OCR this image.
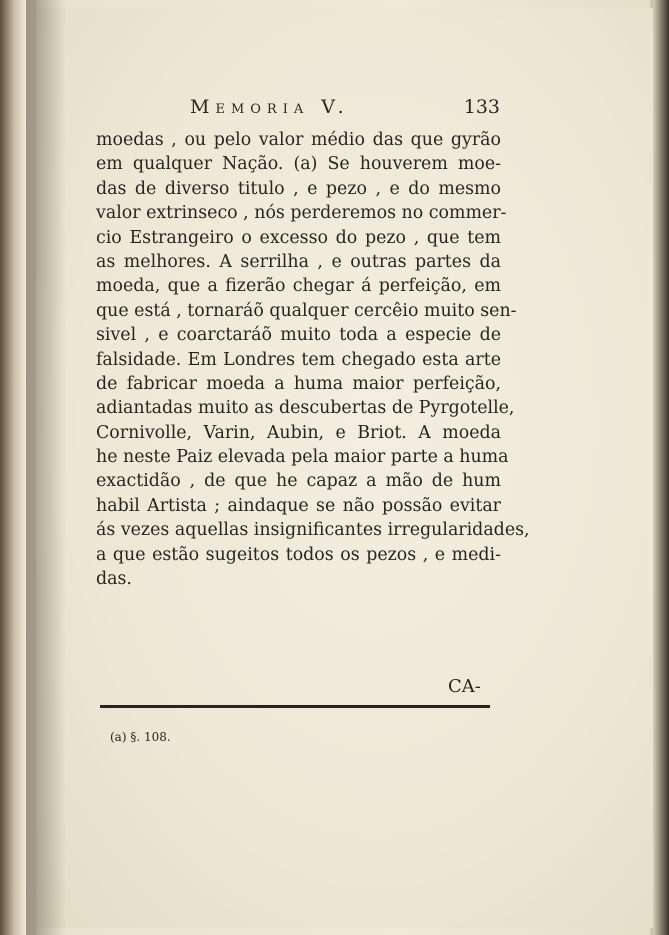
Memoria V.	133
moedas , ou pelo valor médio das que gyrão
em qualquer Nação. (a) Se houverem moe-
das de diverso titulo , e pezo , e do mesmo
valor extrinseco , nós perderemos no commer-
cio Estrangeiro o excesso do pezo , que tem
as melhores. A serrilha , e outras partes da
moeda, que a fizerão chegar á perfeição, em
que está , tornaráõ qualquer cercêio muito sen-
sivel , e coarctaráõ muito toda a especie de
falsidade. Em Londres tem chegado esta arte
de fabricar moeda a huma maior perfeição,
adiantadas muito as descubertas de Pyrgotelle,
Cornivolle, Varin, Aubin, e Briot. A moeda
he neste Paiz elevada pela maior parte a huma
exactidão , de que he capaz a mão de hum
habil Artista ; aindaque se não possão evitar
ás vezes aquellas insignificantes irregularidades,
a que estão sugeitos todos os pezos , e medi-
das.
CA-
(a) §. 108.
